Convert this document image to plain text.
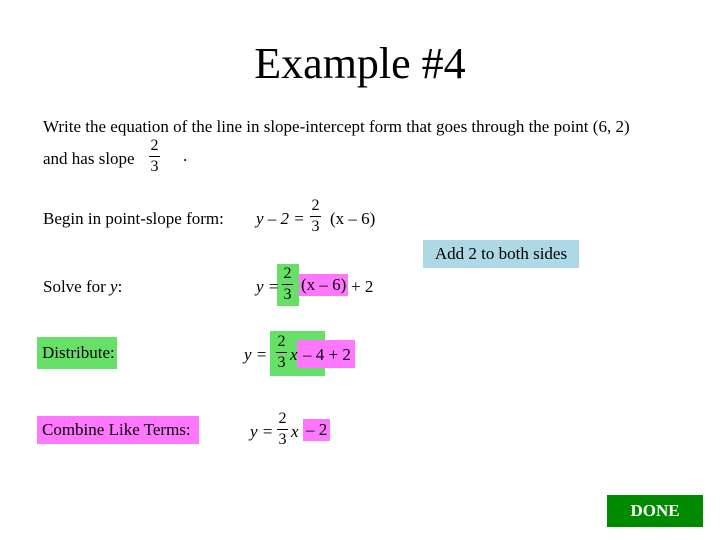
Example #4
Write the equation of the line in slope-intercept form that goes through the point (6, 2)
and has slope
2
3
.
Begin in point-slope form: y – 2 =
2
3 (x – 6)
Add 2 to both sides
Solve for y:	y =
2
3
(x – 6) + 2
Distribute:	y =
2
3 x – 4 + 2
Combine Like Terms:	y =
2
3 x – 2
DONE
